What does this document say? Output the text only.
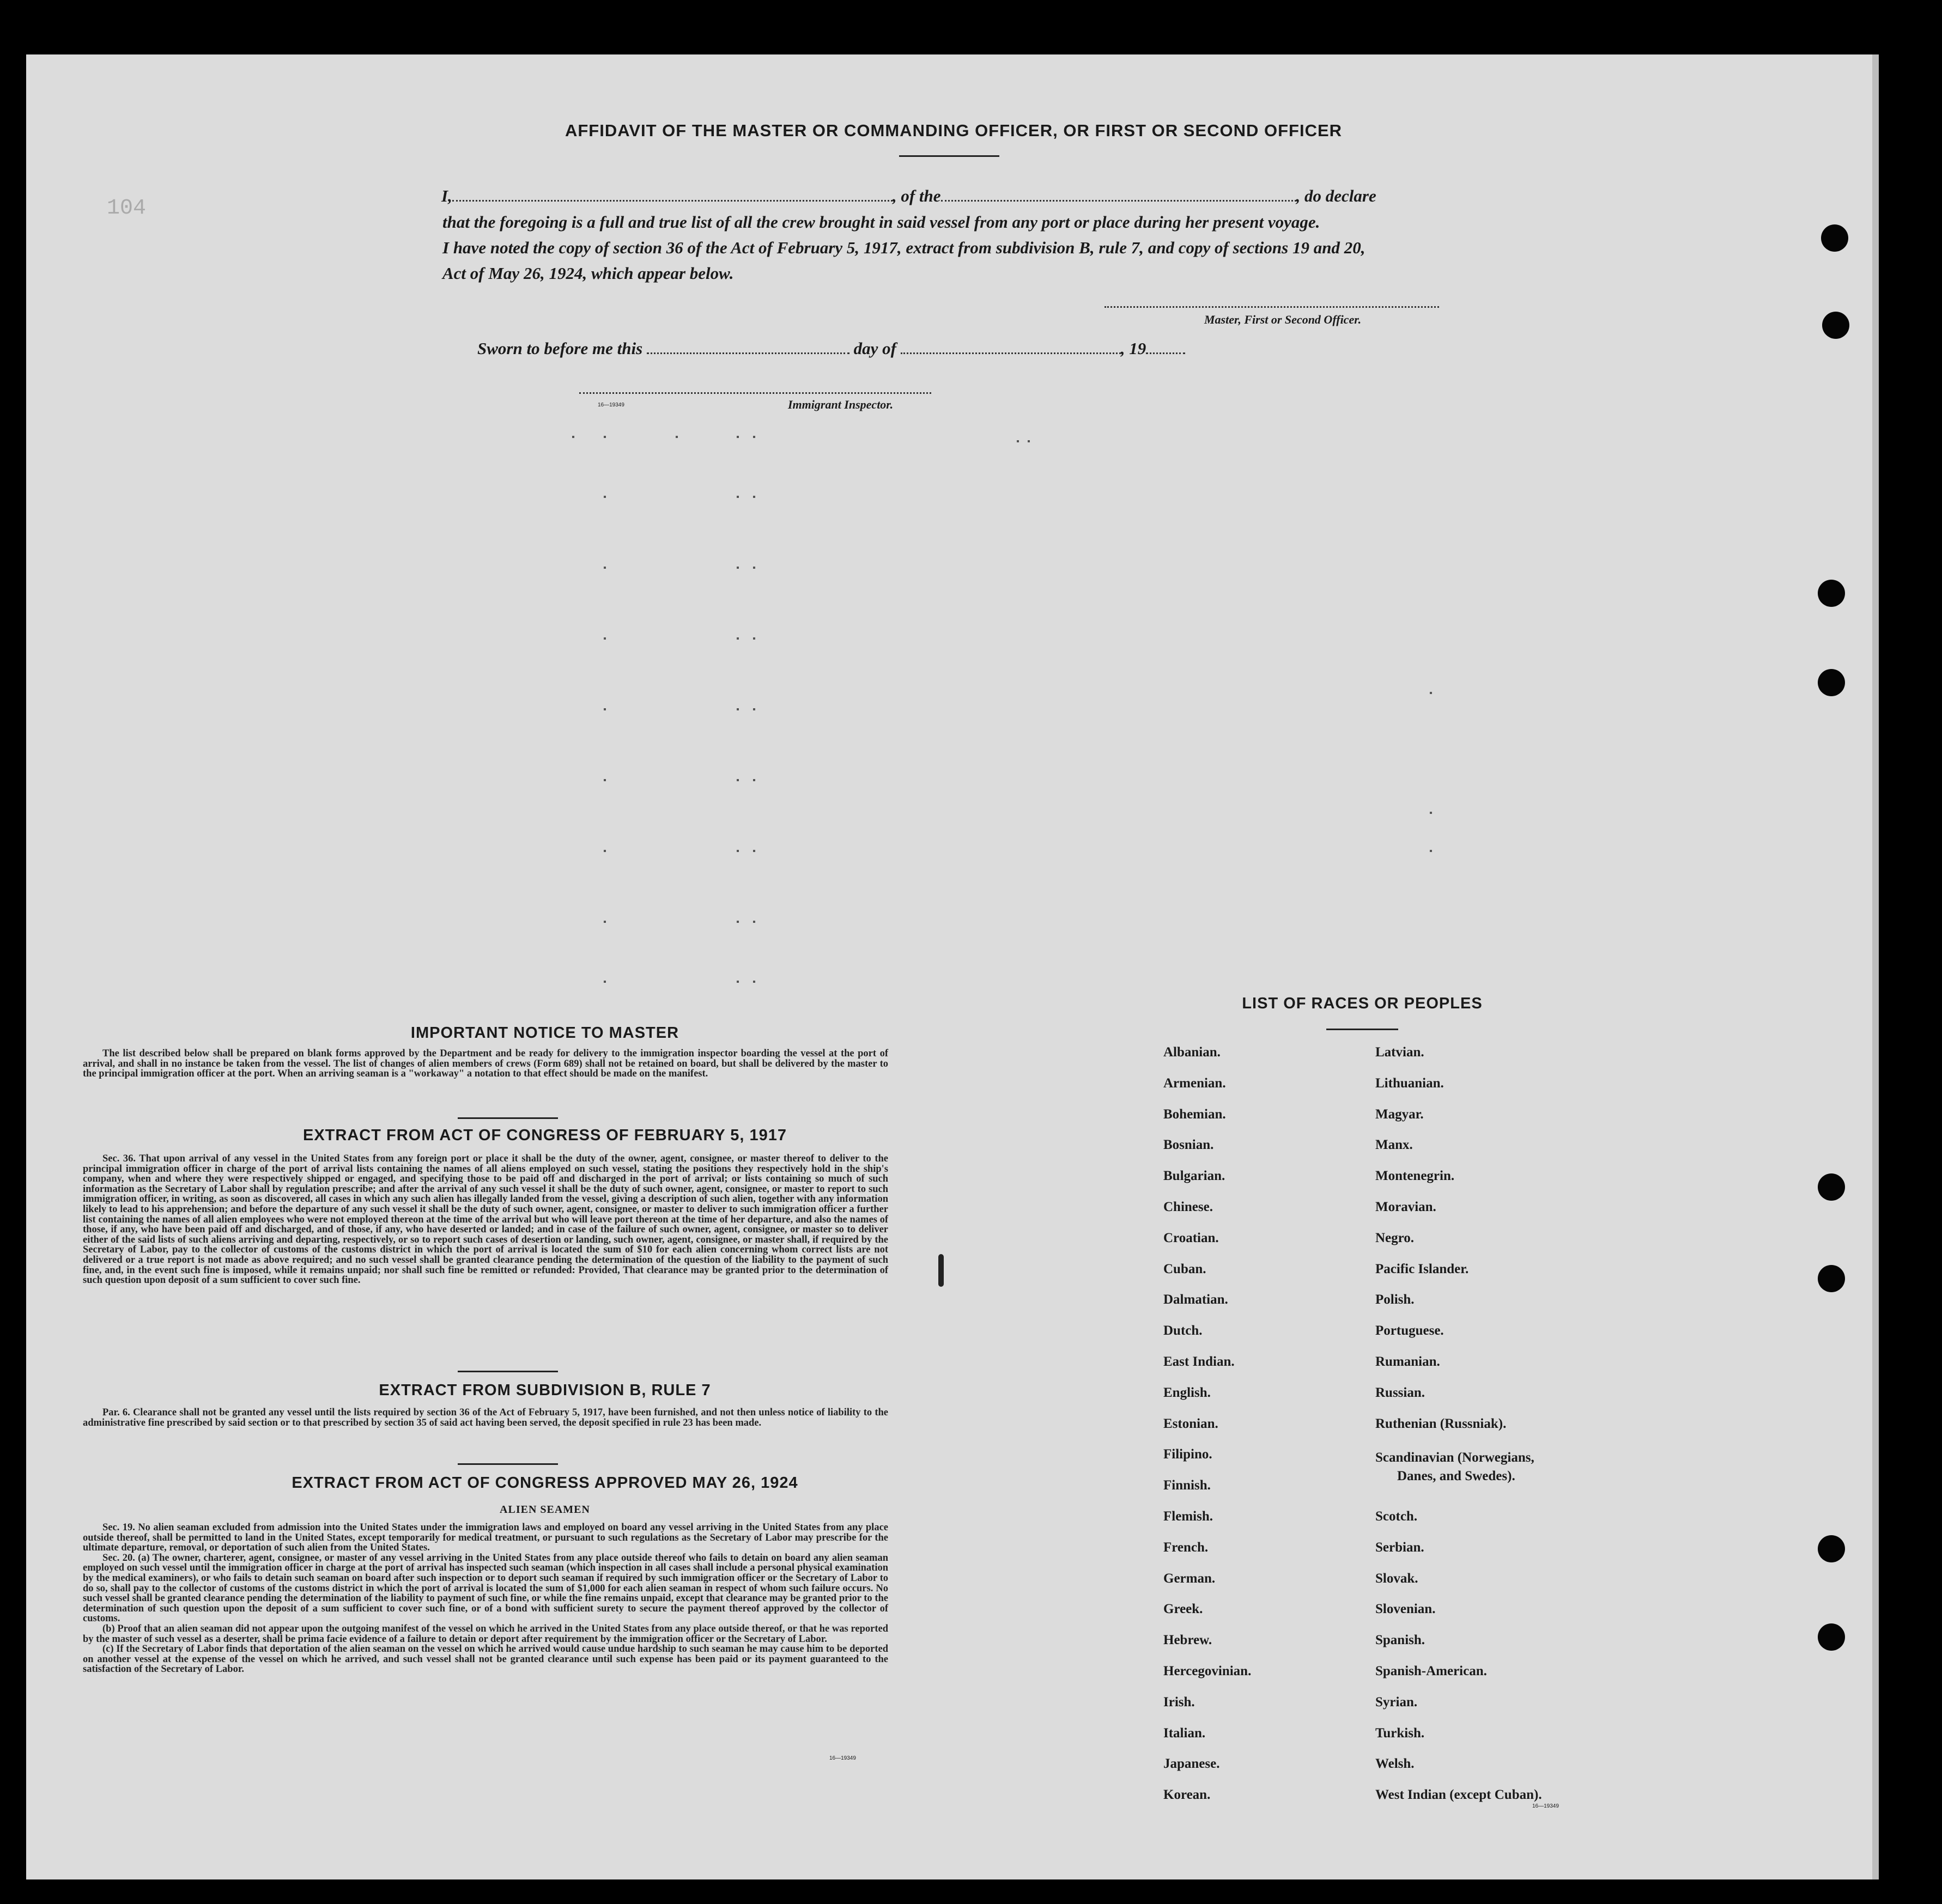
104
AFFIDAVIT OF THE MASTER OR COMMANDING OFFICER, OR FIRST OR SECOND OFFICER
I,	, of the	, do declare
that the foregoing is a full and true list of all the crew brought in said vessel from any port or place during her present voyage.
I have noted the copy of section 36 of the Act of February 5, 1917, extract from subdivision B, rule 7, and copy of sections 19 and 20,
Act of May 26, 1924, which appear below.
Master, First or Second Officer.
Sworn to before me this	day of	, 19
16—19349	Immigrant Inspector.
IMPORTANT NOTICE TO MASTER

The list described below shall be prepared on blank forms approved by the Department and be ready for delivery to the immigration inspector boarding the vessel at the port of arrival, and shall in no instance be taken from the vessel. The list of changes of alien members of crews (Form 689) shall not be retained on board, but shall be delivered by the master to the principal immigration officer at the port. When an arriving seaman is a "workaway" a notation to that effect should be made on the manifest.

EXTRACT FROM ACT OF CONGRESS OF FEBRUARY 5, 1917

Sec. 36. That upon arrival of any vessel in the United States from any foreign port or place it shall be the duty of the owner, agent, consignee, or master thereof to deliver to the principal immigration officer in charge of the port of arrival lists containing the names of all aliens employed on such vessel, stating the positions they respectively hold in the ship's company, when and where they were respectively shipped or engaged, and specifying those to be paid off and discharged in the port of arrival; or lists containing so much of such information as the Secretary of Labor shall by regulation prescribe; and after the arrival of any such vessel it shall be the duty of such owner, agent, consignee, or master to report to such immigration officer, in writing, as soon as discovered, all cases in which any such alien has illegally landed from the vessel, giving a description of such alien, together with any information likely to lead to his apprehension; and before the departure of any such vessel it shall be the duty of such owner, agent, consignee, or master to deliver to such immigration officer a further list containing the names of all alien employees who were not employed thereon at the time of the arrival but who will leave port thereon at the time of her departure, and also the names of those, if any, who have been paid off and discharged, and of those, if any, who have deserted or landed; and in case of the failure of such owner, agent, consignee, or master so to deliver either of the said lists of such aliens arriving and departing, respectively, or so to report such cases of desertion or landing, such owner, agent, consignee, or master shall, if required by the Secretary of Labor, pay to the collector of customs of the customs district in which the port of arrival is located the sum of $10 for each alien concerning whom correct lists are not delivered or a true report is not made as above required; and no such vessel shall be granted clearance pending the determination of the question of the liability to the payment of such fine, and, in the event such fine is imposed, while it remains unpaid; nor shall such fine be remitted or refunded: Provided, That clearance may be granted prior to the determination of such question upon deposit of a sum sufficient to cover such fine.

EXTRACT FROM SUBDIVISION B, RULE 7

Par. 6. Clearance shall not be granted any vessel until the lists required by section 36 of the Act of February 5, 1917, have been furnished, and not then unless notice of liability to the administrative fine prescribed by said section or to that prescribed by section 35 of said act having been served, the deposit specified in rule 23 has been made.

EXTRACT FROM ACT OF CONGRESS APPROVED MAY 26, 1924
ALIEN SEAMEN

Sec. 19. No alien seaman excluded from admission into the United States under the immigration laws and employed on board any vessel arriving in the United States from any place outside thereof, shall be permitted to land in the United States, except temporarily for medical treatment, or pursuant to such regulations as the Secretary of Labor may prescribe for the ultimate departure, removal, or deportation of such alien from the United States.

Sec. 20. (a) The owner, charterer, agent, consignee, or master of any vessel arriving in the United States from any place outside thereof who fails to detain on board any alien seaman employed on such vessel until the immigration officer in charge at the port of arrival has inspected such seaman (which inspection in all cases shall include a personal physical examination by the medical examiners), or who fails to detain such seaman on board after such inspection or to deport such seaman if required by such immigration officer or the Secretary of Labor to do so, shall pay to the collector of customs of the customs district in which the port of arrival is located the sum of $1,000 for each alien seaman in respect of whom such failure occurs. No such vessel shall be granted clearance pending the determination of the liability to payment of such fine, or while the fine remains unpaid, except that clearance may be granted prior to the determination of such question upon the deposit of a sum sufficient to cover such fine, or of a bond with sufficient surety to secure the payment thereof approved by the collector of customs.

(b) Proof that an alien seaman did not appear upon the outgoing manifest of the vessel on which he arrived in the United States from any place outside thereof, or that he was reported by the master of such vessel as a deserter, shall be prima facie evidence of a failure to detain or deport after requirement by the immigration officer or the Secretary of Labor.

(c) If the Secretary of Labor finds that deportation of the alien seaman on the vessel on which he arrived would cause undue hardship to such seaman he may cause him to be deported on another vessel at the expense of the vessel on which he arrived, and such vessel shall not be granted clearance until such expense has been paid or its payment guaranteed to the satisfaction of the Secretary of Labor.

16—19349
LIST OF RACES OR PEOPLES
Albanian.
Armenian.
Bohemian.
Bosnian.
Bulgarian.
Chinese.
Croatian.
Cuban.
Dalmatian.
Dutch.
East Indian.
English.
Estonian.
Filipino.
Finnish.
Flemish.
French.
German.
Greek.
Hebrew.
Hercegovinian.
Irish.
Italian.
Japanese.
Korean.
Latvian.
Lithuanian.
Magyar.
Manx.
Montenegrin.
Moravian.
Negro.
Pacific Islander.
Polish.
Portuguese.
Rumanian.
Russian.
Ruthenian (Russniak).
Scandinavian (Norwegians,
Danes, and Swedes).
Scotch.
Serbian.
Slovak.
Slovenian.
Spanish.
Spanish-American.
Syrian.
Turkish.
Welsh.
West Indian (except Cuban).
16—19349
